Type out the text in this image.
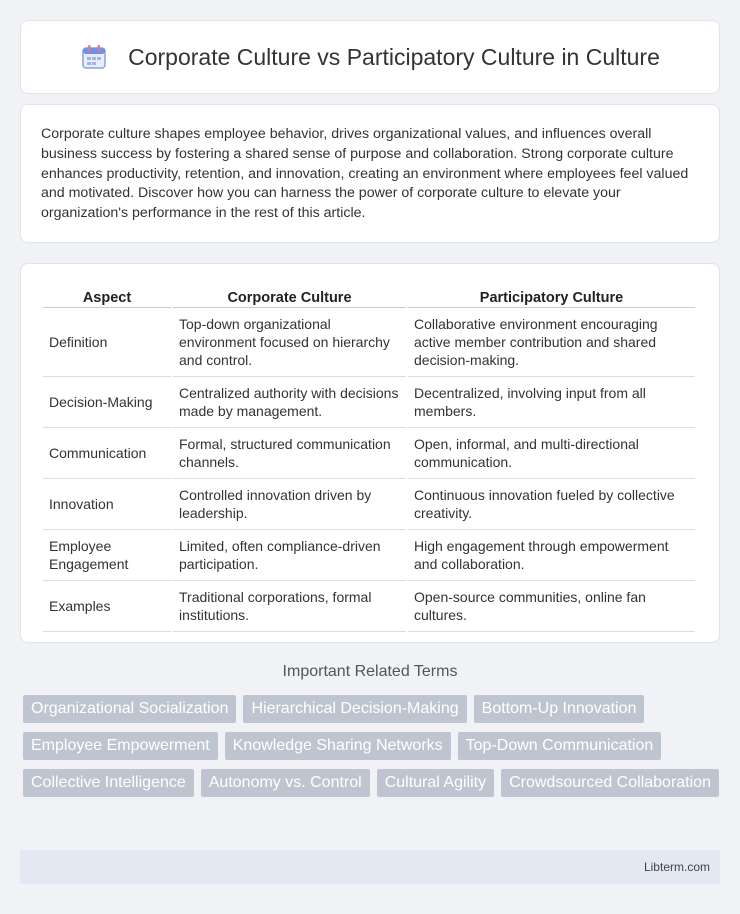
Corporate Culture vs Participatory Culture in Culture

Corporate culture shapes employee behavior, drives organizational values, and influences overall business success by fostering a shared sense of purpose and collaboration. Strong corporate culture enhances productivity, retention, and innovation, creating an environment where employees feel valued and motivated. Discover how you can harness the power of corporate culture to elevate your organization's performance in the rest of this article.

Aspect	Corporate Culture	Participatory Culture
Definition	Top-down organizational environment focused on hierarchy and control.	Collaborative environment encouraging active member contribution and shared decision-making.
Decision-Making	Centralized authority with decisions made by management.	Decentralized, involving input from all members.
Communication	Formal, structured communication channels.	Open, informal, and multi-directional communication.
Innovation	Controlled innovation driven by leadership.	Continuous innovation fueled by collective creativity.
Employee Engagement	Limited, often compliance-driven participation.	High engagement through empowerment and collaboration.
Examples	Traditional corporations, formal institutions.	Open-source communities, online fan cultures.
Important Related Terms
Organizational Socialization	Hierarchical Decision-Making	Bottom-Up Innovation
Employee Empowerment	Knowledge Sharing Networks	Top-Down Communication
Collective Intelligence	Autonomy vs. Control	Cultural Agility	Crowdsourced Collaboration
Libterm.com
